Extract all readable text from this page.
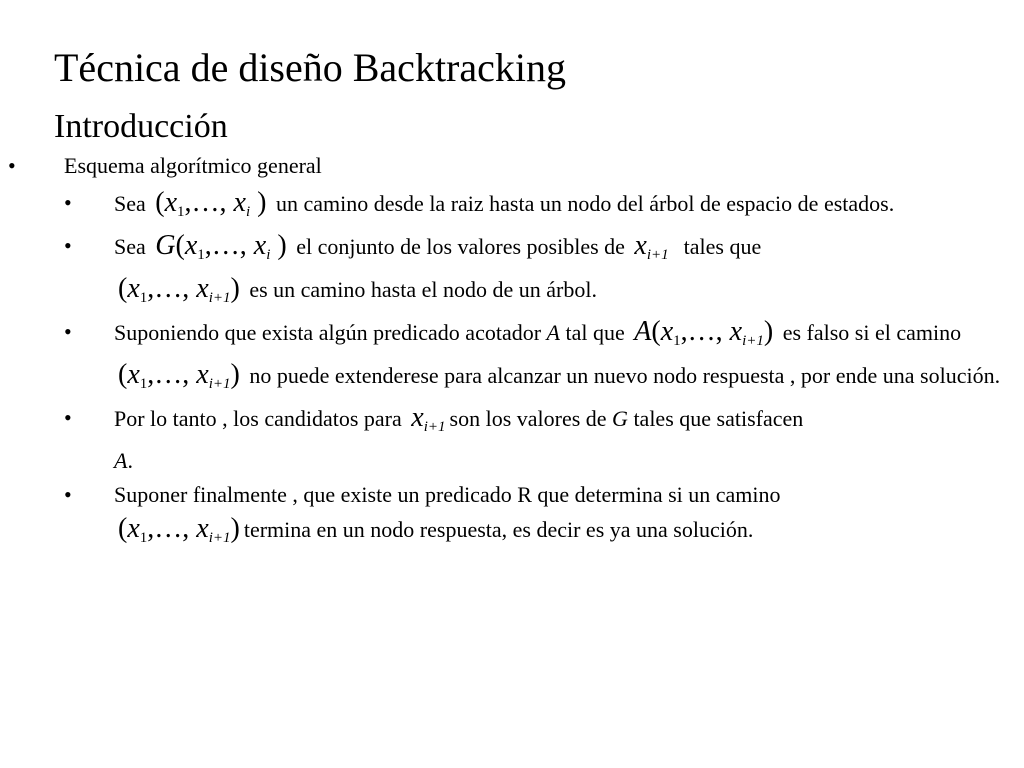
Técnica de diseño Backtracking
Introducción
• Esquema algorítmico general
• Sea ($x_1,\dots$, $x_i$ ) un camino desde la raiz hasta un nodo del árbol de espacio de estados.
• Sea $G(x_1,\dots$, $x_i$ ) el conjunto de los valores posibles de $x_{i+1}$ tales que
($x_1,\dots$, $x_{i+1}$) es un camino hasta el nodo de un árbol.
• Suponiendo que exista algún predicado acotador A tal que $A(x_1,\dots$, $x_{i+1}$) es falso si el camino ($x_1,\dots$, $x_{i+1}$) no puede extenderese para alcanzar un nuevo nodo respuesta , por ende una solución.
• Por lo tanto , los candidatos para $x_{i+1}$ son los valores de G tales que satisfacen
A.
• Suponer finalmente , que existe un predicado R que determina si un camino
($x_1,\dots$, $x_{i+1}$) termina en un nodo respuesta, es decir es ya una solución.
